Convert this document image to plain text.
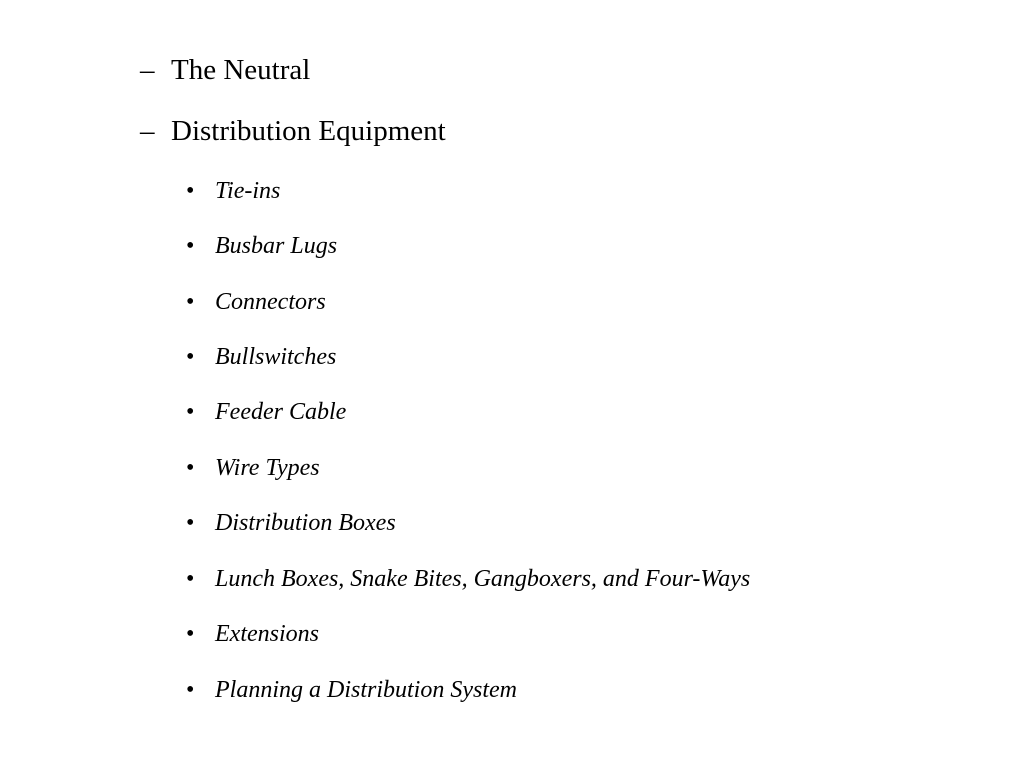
– The Neutral
– Distribution Equipment
• Tie-ins
• Busbar Lugs
• Connectors
• Bullswitches
• Feeder Cable
• Wire Types
• Distribution Boxes
• Lunch Boxes, Snake Bites, Gangboxers, and Four-Ways
• Extensions
• Planning a Distribution System
